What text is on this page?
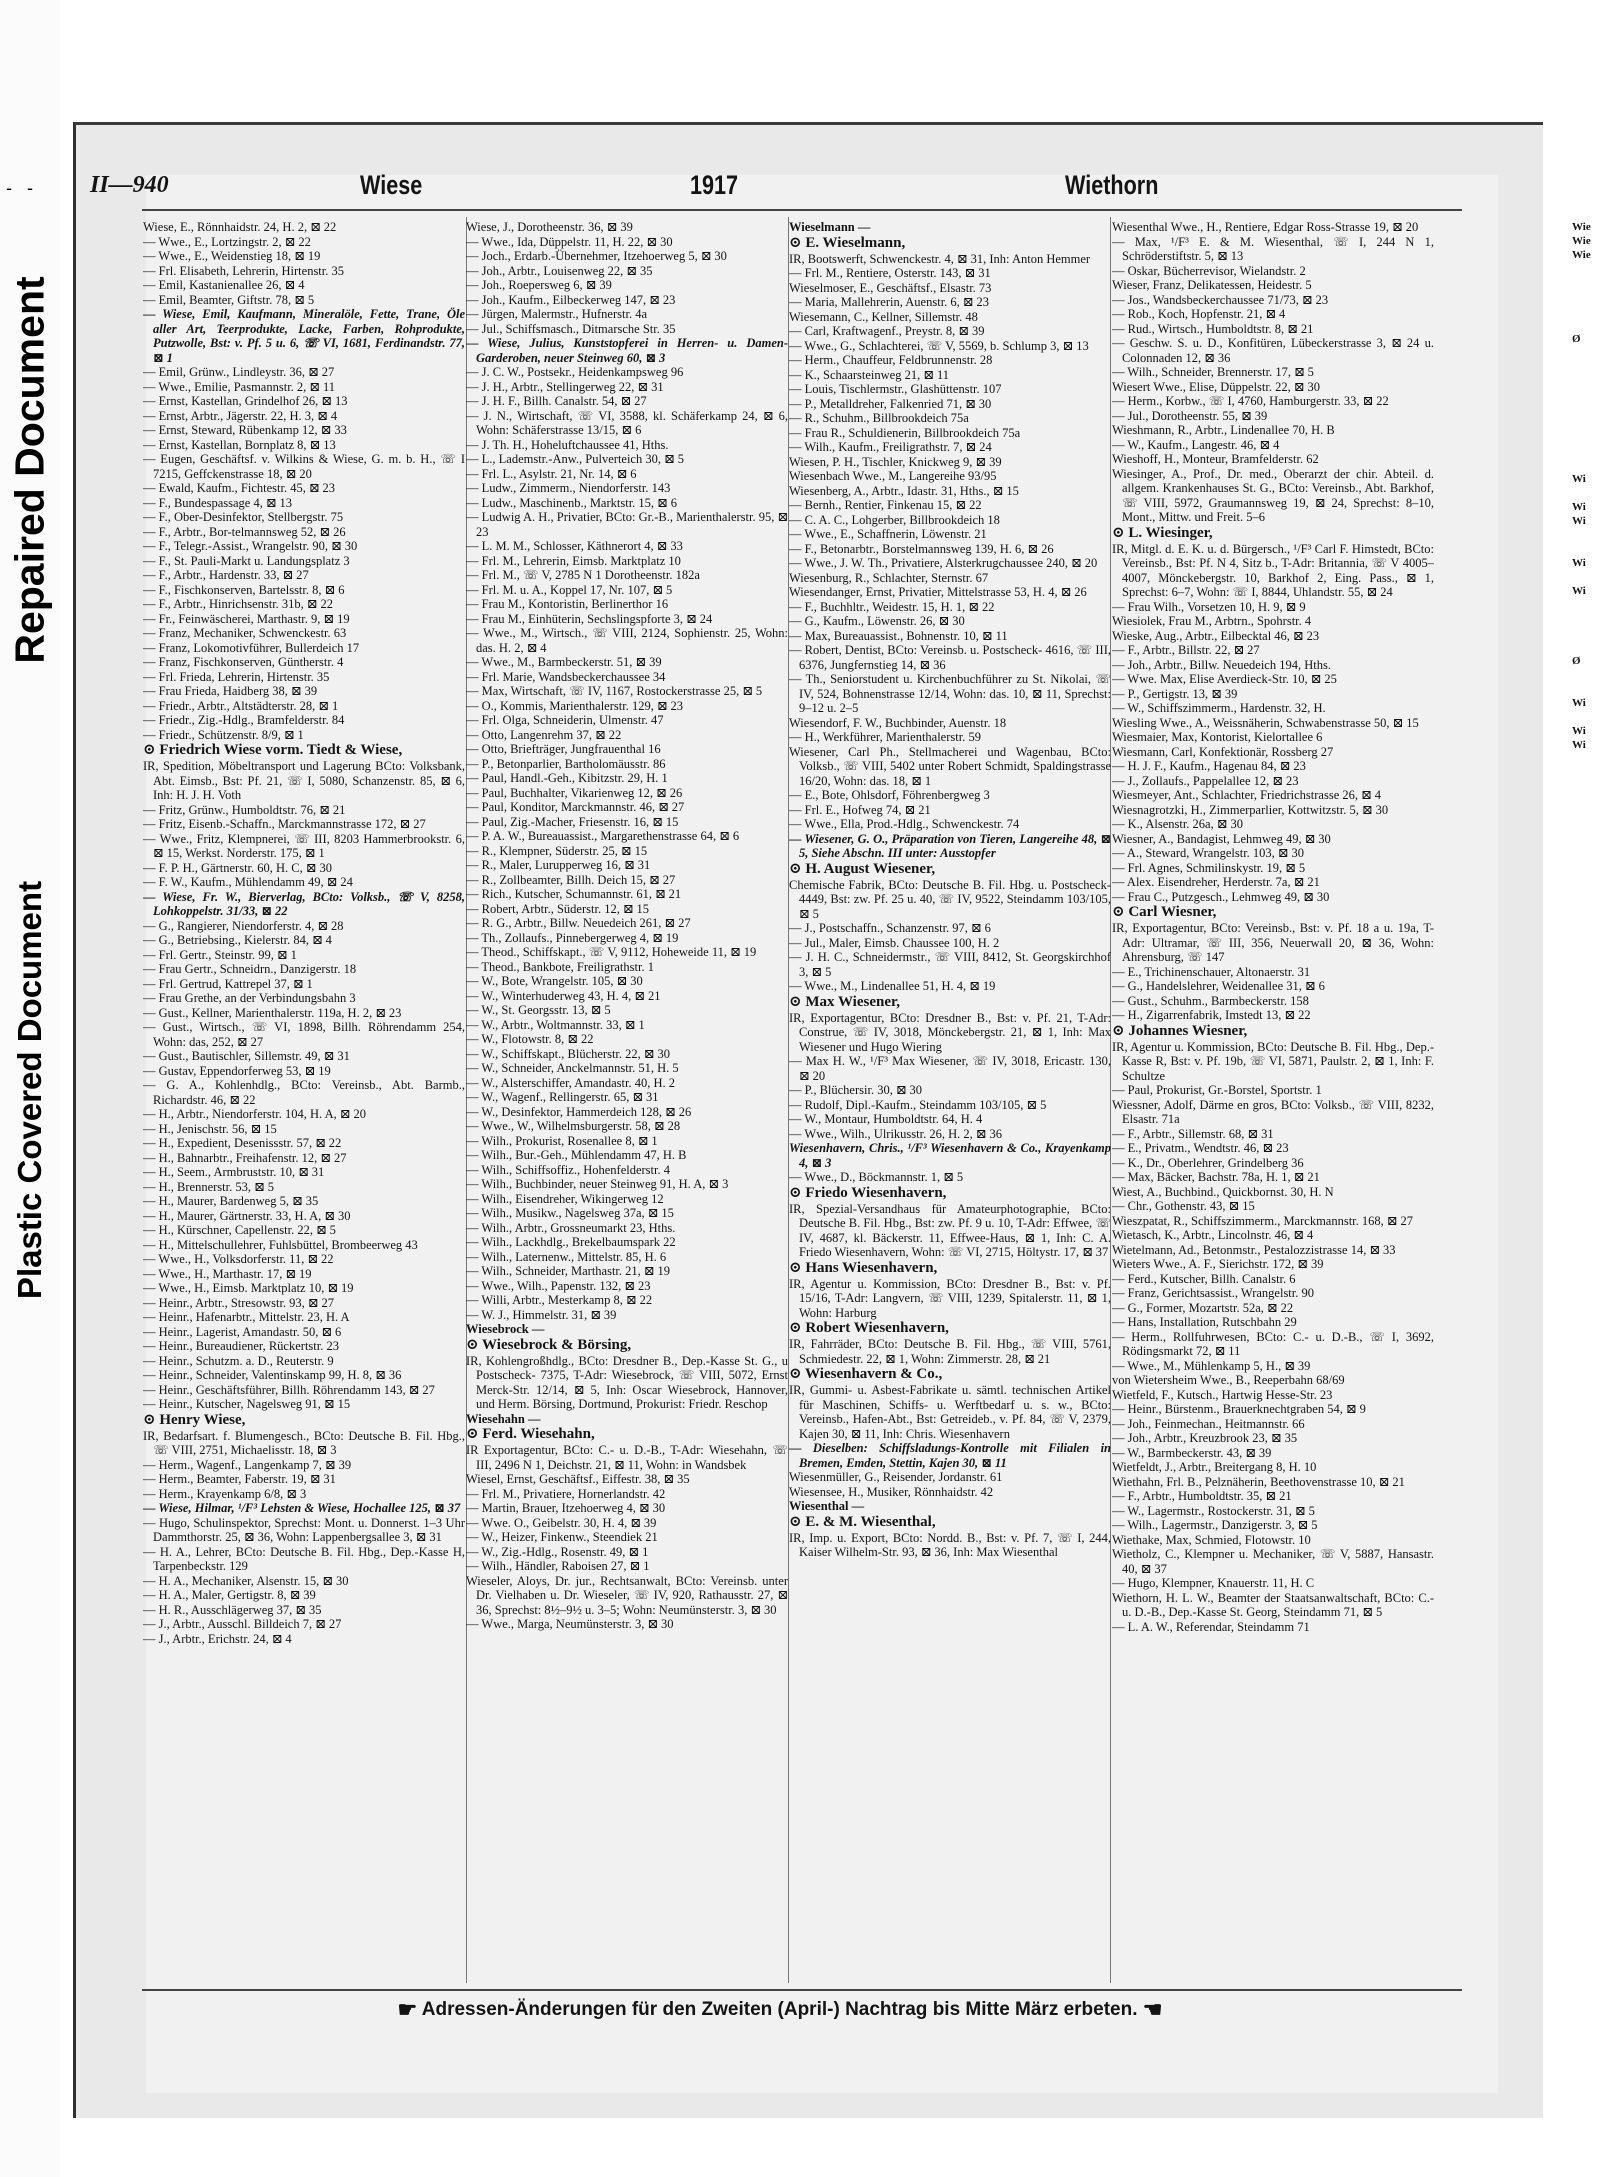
- -
Repaired Document
Plastic Covered Document
II—940	Wiese	1917	Wiethorn

Wiese, E., Rönnhaidstr. 24, H. 2, ⊠ 22

— Wwe., E., Lortzingstr. 2, ⊠ 22

— Wwe., E., Weidenstieg 18, ⊠ 19

— Frl. Elisabeth, Lehrerin, Hirtenstr. 35

— Emil, Kastanienallee 26, ⊠ 4

— Emil, Beamter, Giftstr. 78, ⊠ 5

— Wiese, Emil, Kaufmann, Mineralöle, Fette, Trane, Öle aller Art, Teerprodukte, Lacke, Farben, Rohprodukte, Putzwolle, Bst: v. Pf. 5 u. 6, ☏ VI, 1681, Ferdinandstr. 77, ⊠ 1

— Emil, Grünw., Lindleystr. 36, ⊠ 27

— Wwe., Emilie, Pasmannstr. 2, ⊠ 11

— Ernst, Kastellan, Grindelhof 26, ⊠ 13

— Ernst, Arbtr., Jägerstr. 22, H. 3, ⊠ 4

— Ernst, Steward, Rübenkamp 12, ⊠ 33

— Ernst, Kastellan, Bornplatz 8, ⊠ 13

— Eugen, Geschäftsf. v. Wilkins & Wiese, G. m. b. H., ☏ I 7215, Geffckenstrasse 18, ⊠ 20

— Ewald, Kaufm., Fichtestr. 45, ⊠ 23

— F., Bundespassage 4, ⊠ 13

— F., Ober-Desinfektor, Stellbergstr. 75

— F., Arbtr., Bor-telmannsweg 52, ⊠ 26

— F., Telegr.-Assist., Wrangelstr. 90, ⊠ 30

— F., St. Pauli-Markt u. Landungsplatz 3

— F., Arbtr., Hardenstr. 33, ⊠ 27

— F., Fischkonserven, Bartelsstr. 8, ⊠ 6

— F., Arbtr., Hinrichsenstr. 31b, ⊠ 22

— Fr., Feinwäscherei, Marthastr. 9, ⊠ 19

— Franz, Mechaniker, Schwenckestr. 63

— Franz, Lokomotivführer, Bullerdeich 17

— Franz, Fischkonserven, Güntherstr. 4

— Frl. Frieda, Lehrerin, Hirtenstr. 35

— Frau Frieda, Haidberg 38, ⊠ 39

— Friedr., Arbtr., Altstädterstr. 28, ⊠ 1

— Friedr., Zig.-Hdlg., Bramfelderstr. 84

— Friedr., Schützenstr. 8/9, ⊠ 1

⊙ Friedrich Wiese vorm. Tiedt & Wiese,

IR, Spedition, Möbeltransport und Lagerung BCto: Volksbank, Abt. Eimsb., Bst: Pf. 21, ☏ I, 5080, Schanzenstr. 85, ⊠ 6, Inh: H. J. H. Voth

— Fritz, Grünw., Humboldtstr. 76, ⊠ 21

— Fritz, Eisenb.-Schaffn., Marckmannstrasse 172, ⊠ 27

— Wwe., Fritz, Klempnerei, ☏ III, 8203 Hammerbrookstr. 6, ⊠ 15, Werkst. Norderstr. 175, ⊠ 1

— F. P. H., Gärtnerstr. 60, H. C, ⊠ 30

— F. W., Kaufm., Mühlendamm 49, ⊠ 24

— Wiese, Fr. W., Bierverlag, BCto: Volksb., ☏ V, 8258, Lohkoppelstr. 31/33, ⊠ 22

— G., Rangierer, Niendorferstr. 4, ⊠ 28

— G., Betriebsing., Kielerstr. 84, ⊠ 4

— Frl. Gertr., Steinstr. 99, ⊠ 1

— Frau Gertr., Schneidrn., Danzigerstr. 18

— Frl. Gertrud, Kattrepel 37, ⊠ 1

— Frau Grethe, an der Verbindungsbahn 3

— Gust., Kellner, Marienthalerstr. 119a, H. 2, ⊠ 23

— Gust., Wirtsch., ☏ VI, 1898, Billh. Röhrendamm 254, Wohn: das, 252, ⊠ 27

— Gust., Bautischler, Sillemstr. 49, ⊠ 31

— Gustav, Eppendorferweg 53, ⊠ 19

— G. A., Kohlenhdlg., BCto: Vereinsb., Abt. Barmb., Richardstr. 46, ⊠ 22

— H., Arbtr., Niendorferstr. 104, H. A, ⊠ 20

— H., Jenischstr. 56, ⊠ 15

— H., Expedient, Desenissstr. 57, ⊠ 22

— H., Bahnarbtr., Freihafenstr. 12, ⊠ 27

— H., Seem., Armbruststr. 10, ⊠ 31

— H., Brennerstr. 53, ⊠ 5

— H., Maurer, Bardenweg 5, ⊠ 35

— H., Maurer, Gärtnerstr. 33, H. A, ⊠ 30

— H., Kürschner, Capellenstr. 22, ⊠ 5

— H., Mittelschullehrer, Fuhlsbüttel, Brombeerweg 43

— Wwe., H., Volksdorferstr. 11, ⊠ 22

— Wwe., H., Marthastr. 17, ⊠ 19

— Wwe., H., Eimsb. Marktplatz 10, ⊠ 19

— Heinr., Arbtr., Stresowstr. 93, ⊠ 27

— Heinr., Hafenarbtr., Mittelstr. 23, H. A

— Heinr., Lagerist, Amandastr. 50, ⊠ 6

— Heinr., Bureaudiener, Rückertstr. 23

— Heinr., Schutzm. a. D., Reuterstr. 9

— Heinr., Schneider, Valentinskamp 99, H. 8, ⊠ 36

— Heinr., Geschäftsführer, Billh. Röhrendamm 143, ⊠ 27

— Heinr., Kutscher, Nagelsweg 91, ⊠ 15

⊙ Henry Wiese,

IR, Bedarfsart. f. Blumengesch., BCto: Deutsche B. Fil. Hbg., ☏ VIII, 2751, Michaelisstr. 18, ⊠ 3

— Herm., Wagenf., Langenkamp 7, ⊠ 39

— Herm., Beamter, Faberstr. 19, ⊠ 31

— Herm., Krayenkamp 6/8, ⊠ 3

— Wiese, Hilmar, ¹/F³ Lehsten & Wiese, Hochallee 125, ⊠ 37

— Hugo, Schulinspektor, Sprechst: Mont. u. Donnerst. 1–3 Uhr Dammthorstr. 25, ⊠ 36, Wohn: Lappenbergsallee 3, ⊠ 31

— H. A., Lehrer, BCto: Deutsche B. Fil. Hbg., Dep.-Kasse H, Tarpenbeckstr. 129

— H. A., Mechaniker, Alsenstr. 15, ⊠ 30

— H. A., Maler, Gertigstr. 8, ⊠ 39

— H. R., Ausschlägerweg 37, ⊠ 35

— J., Arbtr., Ausschl. Billdeich 7, ⊠ 27

— J., Arbtr., Erichstr. 24, ⊠ 4

Wiese, J., Dorotheenstr. 36, ⊠ 39

— Wwe., Ida, Düppelstr. 11, H. 22, ⊠ 30

— Joch., Erdarb.-Übernehmer, Itzehoerweg 5, ⊠ 30

— Joh., Arbtr., Louisenweg 22, ⊠ 35

— Joh., Roepersweg 6, ⊠ 39

— Joh., Kaufm., Eilbeckerweg 147, ⊠ 23

— Jürgen, Malermstr., Hufnerstr. 4a

— Jul., Schiffsmasch., Ditmarsche Str. 35

— Wiese, Julius, Kunststopferei in Herren- u. Damen-Garderoben, neuer Steinweg 60, ⊠ 3

— J. C. W., Postsekr., Heidenkampsweg 96

— J. H., Arbtr., Stellingerweg 22, ⊠ 31

— J. H. F., Billh. Canalstr. 54, ⊠ 27

— J. N., Wirtschaft, ☏ VI, 3588, kl. Schäferkamp 24, ⊠ 6, Wohn: Schäferstrasse 13/15, ⊠ 6

— J. Th. H., Hoheluftchaussee 41, Hths.

— L., Lademstr.-Anw., Pulverteich 30, ⊠ 5

— Frl. L., Asylstr. 21, Nr. 14, ⊠ 6

— Ludw., Zimmerm., Niendorferstr. 143

— Ludw., Maschinenb., Marktstr. 15, ⊠ 6

— Ludwig A. H., Privatier, BCto: Gr.-B., Marienthalerstr. 95, ⊠ 23

— L. M. M., Schlosser, Käthnerort 4, ⊠ 33

— Frl. M., Lehrerin, Eimsb. Marktplatz 10

— Frl. M., ☏ V, 2785 N 1 Dorotheenstr. 182a

— Frl. M. u. A., Koppel 17, Nr. 107, ⊠ 5

— Frau M., Kontoristin, Berlinerthor 16

— Frau M., Einhüterin, Sechslingspforte 3, ⊠ 24

— Wwe., M., Wirtsch., ☏ VIII, 2124, Sophienstr. 25, Wohn: das. H. 2, ⊠ 4

— Wwe., M., Barmbeckerstr. 51, ⊠ 39

— Frl. Marie, Wandsbeckerchaussee 34

— Max, Wirtschaft, ☏ IV, 1167, Rostockerstrasse 25, ⊠ 5

— O., Kommis, Marienthalerstr. 129, ⊠ 23

— Frl. Olga, Schneiderin, Ulmenstr. 47

— Otto, Langenrehm 37, ⊠ 22

— Otto, Briefträger, Jungfrauenthal 16

— P., Betonparlier, Bartholomäusstr. 86

— Paul, Handl.-Geh., Kibitzstr. 29, H. 1

— Paul, Buchhalter, Vikarienweg 12, ⊠ 26

— Paul, Konditor, Marckmannstr. 46, ⊠ 27

— Paul, Zig.-Macher, Friesenstr. 16, ⊠ 15

— P. A. W., Bureauassist., Margarethenstrasse 64, ⊠ 6

— R., Klempner, Süderstr. 25, ⊠ 15

— R., Maler, Lurupperweg 16, ⊠ 31

— R., Zollbeamter, Billh. Deich 15, ⊠ 27

— Rich., Kutscher, Schumannstr. 61, ⊠ 21

— Robert, Arbtr., Süderstr. 12, ⊠ 15

— R. G., Arbtr., Billw. Neuedeich 261, ⊠ 27

— Th., Zollaufs., Pinnebergerweg 4, ⊠ 19

— Theod., Schiffskapt., ☏ V, 9112, Hoheweide 11, ⊠ 19

— Theod., Bankbote, Freiligrathstr. 1

— W., Bote, Wrangelstr. 105, ⊠ 30

— W., Winterhuderweg 43, H. 4, ⊠ 21

— W., St. Georgsstr. 13, ⊠ 5

— W., Arbtr., Woltmannstr. 33, ⊠ 1

— W., Flotowstr. 8, ⊠ 22

— W., Schiffskapt., Blücherstr. 22, ⊠ 30

— W., Schneider, Anckelmannstr. 51, H. 5

— W., Alsterschiffer, Amandastr. 40, H. 2

— W., Wagenf., Rellingerstr. 65, ⊠ 31

— W., Desinfektor, Hammerdeich 128, ⊠ 26

— Wwe., W., Wilhelmsburgerstr. 58, ⊠ 28

— Wilh., Prokurist, Rosenallee 8, ⊠ 1

— Wilh., Bur.-Geh., Mühlendamm 47, H. B

— Wilh., Schiffsoffiz., Hohenfelderstr. 4

— Wilh., Buchbinder, neuer Steinweg 91, H. A, ⊠ 3

— Wilh., Eisendreher, Wikingerweg 12

— Wilh., Musikw., Nagelsweg 37a, ⊠ 15

— Wilh., Arbtr., Grossneumarkt 23, Hths.

— Wilh., Lackhdlg., Brekelbaumspark 22

— Wilh., Laternenw., Mittelstr. 85, H. 6

— Wilh., Schneider, Marthastr. 21, ⊠ 19

— Wwe., Wilh., Papenstr. 132, ⊠ 23

— Willi, Arbtr., Mesterkamp 8, ⊠ 22

— W. J., Himmelstr. 31, ⊠ 39

Wiesebrock —

⊙ Wiesebrock & Börsing,

IR, Kohlengroßhdlg., BCto: Dresdner B., Dep.-Kasse St. G., u Postscheck- 7375, T-Adr: Wiesebrock, ☏ VIII, 5072, Ernst Merck-Str. 12/14, ⊠ 5, Inh: Oscar Wiesebrock, Hannover, und Herm. Börsing, Dortmund, Prokurist: Friedr. Reschop

Wiesehahn —

⊙ Ferd. Wiesehahn,

IR Exportagentur, BCto: C.- u. D.-B., T-Adr: Wiesehahn, ☏ III, 2496 N 1, Deichstr. 21, ⊠ 11, Wohn: in Wandsbek

Wiesel, Ernst, Geschäftsf., Eiffestr. 38, ⊠ 35

— Frl. M., Privatiere, Hornerlandstr. 42

— Martin, Brauer, Itzehoerweg 4, ⊠ 30

— Wwe. O., Geibelstr. 30, H. 4, ⊠ 39

— W., Heizer, Finkenw., Steendiek 21

— W., Zig.-Hdlg., Rosenstr. 49, ⊠ 1

— Wilh., Händler, Raboisen 27, ⊠ 1

Wieseler, Aloys, Dr. jur., Rechtsanwalt, BCto: Vereinsb. unter Dr. Vielhaben u. Dr. Wieseler, ☏ IV, 920, Rathausstr. 27, ⊠ 36, Sprechst: 8½–9½ u. 3–5; Wohn: Neumünsterstr. 3, ⊠ 30

— Wwe., Marga, Neumünsterstr. 3, ⊠ 30

Wieselmann —

⊙ E. Wieselmann,

IR, Bootswerft, Schwenckestr. 4, ⊠ 31, Inh: Anton Hemmer

— Frl. M., Rentiere, Osterstr. 143, ⊠ 31

Wieselmoser, E., Geschäftsf., Elsastr. 73

— Maria, Mallehrerin, Auenstr. 6, ⊠ 23

Wiesemann, C., Kellner, Sillemstr. 48

— Carl, Kraftwagenf., Preystr. 8, ⊠ 39

— Wwe., G., Schlachterei, ☏ V, 5569, b. Schlump 3, ⊠ 13

— Herm., Chauffeur, Feldbrunnenstr. 28

— K., Schaarsteinweg 21, ⊠ 11

— Louis, Tischlermstr., Glashüttenstr. 107

— P., Metalldreher, Falkenried 71, ⊠ 30

— R., Schuhm., Billbrookdeich 75a

— Frau R., Schuldienerin, Billbrookdeich 75a

— Wilh., Kaufm., Freiligrathstr. 7, ⊠ 24

Wiesen, P. H., Tischler, Knickweg 9, ⊠ 39

Wiesenbach Wwe., M., Langereihe 93/95

Wiesenberg, A., Arbtr., Idastr. 31, Hths., ⊠ 15

— Bernh., Rentier, Finkenau 15, ⊠ 22

— C. A. C., Lohgerber, Billbrookdeich 18

— Wwe., E., Schaffnerin, Löwenstr. 21

— F., Betonarbtr., Borstelmannsweg 139, H. 6, ⊠ 26

— Wwe., J. W. Th., Privatiere, Alsterkrugchaussee 240, ⊠ 20

Wiesenburg, R., Schlachter, Sternstr. 67

Wiesendanger, Ernst, Privatier, Mittelstrasse 53, H. 4, ⊠ 26

— F., Buchhltr., Weidestr. 15, H. 1, ⊠ 22

— G., Kaufm., Löwenstr. 26, ⊠ 30

— Max, Bureauassist., Bohnenstr. 10, ⊠ 11

— Robert, Dentist, BCto: Vereinsb. u. Postscheck- 4616, ☏ III, 6376, Jungfernstieg 14, ⊠ 36

— Th., Seniorstudent u. Kirchenbuchführer zu St. Nikolai, ☏ IV, 524, Bohnenstrasse 12/14, Wohn: das. 10, ⊠ 11, Sprechst: 9–12 u. 2–5

Wiesendorf, F. W., Buchbinder, Auenstr. 18

— H., Werkführer, Marienthalerstr. 59

Wiesener, Carl Ph., Stellmacherei und Wagenbau, BCto: Volksb., ☏ VIII, 5402 unter Robert Schmidt, Spaldingstrasse 16/20, Wohn: das. 18, ⊠ 1

— E., Bote, Ohlsdorf, Föhrenbergweg 3

— Frl. E., Hofweg 74, ⊠ 21

— Wwe., Ella, Prod.-Hdlg., Schwenckestr. 74

— Wiesener, G. O., Präparation von Tieren, Langereihe 48, ⊠ 5, Siehe Abschn. III unter: Ausstopfer

⊙ H. August Wiesener,

Chemische Fabrik, BCto: Deutsche B. Fil. Hbg. u. Postscheck- 4449, Bst: zw. Pf. 25 u. 40, ☏ IV, 9522, Steindamm 103/105, ⊠ 5

— J., Postschaffn., Schanzenstr. 97, ⊠ 6

— Jul., Maler, Eimsb. Chaussee 100, H. 2

— J. H. C., Schneidermstr., ☏ VIII, 8412, St. Georgskirchhof 3, ⊠ 5

— Wwe., M., Lindenallee 51, H. 4, ⊠ 19

⊙ Max Wiesener,

IR, Exportagentur, BCto: Dresdner B., Bst: v. Pf. 21, T-Adr: Construe, ☏ IV, 3018, Mönckebergstr. 21, ⊠ 1, Inh: Max Wiesener und Hugo Wiering

— Max H. W., ¹/F³ Max Wiesener, ☏ IV, 3018, Ericastr. 130, ⊠ 20

— P., Blüchersir. 30, ⊠ 30

— Rudolf, Dipl.-Kaufm., Steindamm 103/105, ⊠ 5

— W., Montaur, Humboldtstr. 64, H. 4

— Wwe., Wilh., Ulrikusstr. 26, H. 2, ⊠ 36

Wiesenhavern, Chris., ¹/F³ Wiesenhavern & Co., Krayenkamp 4, ⊠ 3

— Wwe., D., Böckmannstr. 1, ⊠ 5

⊙ Friedo Wiesenhavern,

IR, Spezial-Versandhaus für Amateurphotographie, BCto: Deutsche B. Fil. Hbg., Bst: zw. Pf. 9 u. 10, T-Adr: Effwee, ☏ IV, 4687, kl. Bäckerstr. 11, Effwee-Haus, ⊠ 1, Inh: C. A. Friedo Wiesenhavern, Wohn: ☏ VI, 2715, Höltystr. 17, ⊠ 37

⊙ Hans Wiesenhavern,

IR, Agentur u. Kommission, BCto: Dresdner B., Bst: v. Pf. 15/16, T-Adr: Langvern, ☏ VIII, 1239, Spitalerstr. 11, ⊠ 1, Wohn: Harburg

⊙ Robert Wiesenhavern,

IR, Fahrräder, BCto: Deutsche B. Fil. Hbg., ☏ VIII, 5761, Schmiedestr. 22, ⊠ 1, Wohn: Zimmerstr. 28, ⊠ 21

⊙ Wiesenhavern & Co.,

IR, Gummi- u. Asbest-Fabrikate u. sämtl. technischen Artikel für Maschinen, Schiffs- u. Werftbedarf u. s. w., BCto: Vereinsb., Hafen-Abt., Bst: Getreideb., v. Pf. 84, ☏ V, 2379, Kajen 30, ⊠ 11, Inh: Chris. Wiesenhavern

— Dieselben: Schiffsladungs-Kontrolle mit Filialen in Bremen, Emden, Stettin, Kajen 30, ⊠ 11

Wiesenmüller, G., Reisender, Jordanstr. 61

Wiesensee, H., Musiker, Rönnhaidstr. 42

Wiesenthal —

⊙ E. & M. Wiesenthal,

IR, Imp. u. Export, BCto: Nordd. B., Bst: v. Pf. 7, ☏ I, 244, Kaiser Wilhelm-Str. 93, ⊠ 36, Inh: Max Wiesenthal

Wiesenthal Wwe., H., Rentiere, Edgar Ross-Strasse 19, ⊠ 20

— Max, ¹/F³ E. & M. Wiesenthal, ☏ I, 244 N 1, Schröderstiftstr. 5, ⊠ 13

— Oskar, Bücherrevisor, Wielandstr. 2

Wieser, Franz, Delikatessen, Heidestr. 5

— Jos., Wandsbeckerchaussee 71/73, ⊠ 23

— Rob., Koch, Hopfenstr. 21, ⊠ 4

— Rud., Wirtsch., Humboldtstr. 8, ⊠ 21

— Geschw. S. u. D., Konfitüren, Lübeckerstrasse 3, ⊠ 24 u. Colonnaden 12, ⊠ 36

— Wilh., Schneider, Brennerstr. 17, ⊠ 5

Wiesert Wwe., Elise, Düppelstr. 22, ⊠ 30

— Herm., Korbw., ☏ I, 4760, Hamburgerstr. 33, ⊠ 22

— Jul., Dorotheenstr. 55, ⊠ 39

Wieshmann, R., Arbtr., Lindenallee 70, H. B

— W., Kaufm., Langestr. 46, ⊠ 4

Wieshoff, H., Monteur, Bramfelderstr. 62

Wiesinger, A., Prof., Dr. med., Oberarzt der chir. Abteil. d. allgem. Krankenhauses St. G., BCto: Vereinsb., Abt. Barkhof, ☏ VIII, 5972, Graumannsweg 19, ⊠ 24, Sprechst: 8–10, Mont., Mittw. und Freit. 5–6

⊙ L. Wiesinger,

IR, Mitgl. d. E. K. u. d. Bürgersch., ¹/F³ Carl F. Himstedt, BCto: Vereinsb., Bst: Pf. N 4, Sitz b., T-Adr: Britannia, ☏ V 4005–4007, Mönckebergstr. 10, Barkhof 2, Eing. Pass., ⊠ 1, Sprechst: 6–7, Wohn: ☏ I, 8844, Uhlandstr. 55, ⊠ 24

— Frau Wilh., Vorsetzen 10, H. 9, ⊠ 9

Wiesiolek, Frau M., Arbtrn., Spohrstr. 4

Wieske, Aug., Arbtr., Eilbecktal 46, ⊠ 23

— F., Arbtr., Billstr. 22, ⊠ 27

— Joh., Arbtr., Billw. Neuedeich 194, Hths.

— Wwe. Max, Elise Averdieck-Str. 10, ⊠ 25

— P., Gertigstr. 13, ⊠ 39

— W., Schiffszimmerm., Hardenstr. 32, H.

Wiesling Wwe., A., Weissnäherin, Schwabenstrasse 50, ⊠ 15

Wiesmaier, Max, Kontorist, Kielortallee 6

Wiesmann, Carl, Konfektionär, Rossberg 27

— H. J. F., Kaufm., Hagenau 84, ⊠ 23

— J., Zollaufs., Pappelallee 12, ⊠ 23

Wiesmeyer, Ant., Schlachter, Friedrichstrasse 26, ⊠ 4

Wiesnagrotzki, H., Zimmerparlier, Kottwitzstr. 5, ⊠ 30

— K., Alsenstr. 26a, ⊠ 30

Wiesner, A., Bandagist, Lehmweg 49, ⊠ 30

— A., Steward, Wrangelstr. 103, ⊠ 30

— Frl. Agnes, Schmilinskystr. 19, ⊠ 5

— Alex. Eisendreher, Herderstr. 7a, ⊠ 21

— Frau C., Putzgesch., Lehmweg 49, ⊠ 30

⊙ Carl Wiesner,

IR, Exportagentur, BCto: Vereinsb., Bst: v. Pf. 18 a u. 19a, T-Adr: Ultramar, ☏ III, 356, Neuerwall 20, ⊠ 36, Wohn: Ahrensburg, ☏ 147

— E., Trichinenschauer, Altonaerstr. 31

— G., Handelslehrer, Weidenallee 31, ⊠ 6

— Gust., Schuhm., Barmbeckerstr. 158

— H., Zigarrenfabrik, Imstedt 13, ⊠ 22

⊙ Johannes Wiesner,

IR, Agentur u. Kommission, BCto: Deutsche B. Fil. Hbg., Dep.-Kasse R, Bst: v. Pf. 19b, ☏ VI, 5871, Paulstr. 2, ⊠ 1, Inh: F. Schultze

— Paul, Prokurist, Gr.-Borstel, Sportstr. 1

Wiessner, Adolf, Därme en gros, BCto: Volksb., ☏ VIII, 8232, Elsastr. 71a

— F., Arbtr., Sillemstr. 68, ⊠ 31

— E., Privatm., Wendtstr. 46, ⊠ 23

— K., Dr., Oberlehrer, Grindelberg 36

— Max, Bäcker, Bachstr. 78a, H. 1, ⊠ 21

Wiest, A., Buchbind., Quickbornst. 30, H. N

— Chr., Gothenstr. 43, ⊠ 15

Wieszpatat, R., Schiffszimmerm., Marckmannstr. 168, ⊠ 27

Wietasch, K., Arbtr., Lincolnstr. 46, ⊠ 4

Wietelmann, Ad., Betonmstr., Pestalozzistrasse 14, ⊠ 33

Wieters Wwe., A. F., Sierichstr. 172, ⊠ 39

— Ferd., Kutscher, Billh. Canalstr. 6

— Franz, Gerichtsassist., Wrangelstr. 90

— G., Former, Mozartstr. 52a, ⊠ 22

— Hans, Installation, Rutschbahn 29

— Herm., Rollfuhrwesen, BCto: C.- u. D.-B., ☏ I, 3692, Rödingsmarkt 72, ⊠ 11

— Wwe., M., Mühlenkamp 5, H., ⊠ 39

von Wietersheim Wwe., B., Reeperbahn 68/69

Wietfeld, F., Kutsch., Hartwig Hesse-Str. 23

— Heinr., Bürstenm., Brauerknechtgraben 54, ⊠ 9

— Joh., Feinmechan., Heitmannstr. 66

— Joh., Arbtr., Kreuzbrook 23, ⊠ 35

— W., Barmbeckerstr. 43, ⊠ 39

Wietfeldt, J., Arbtr., Breitergang 8, H. 10

Wiethahn, Frl. B., Pelznäherin, Beethovenstrasse 10, ⊠ 21

— F., Arbtr., Humboldtstr. 35, ⊠ 21

— W., Lagermstr., Rostockerstr. 31, ⊠ 5

— Wilh., Lagermstr., Danzigerstr. 3, ⊠ 5

Wiethake, Max, Schmied, Flotowstr. 10

Wietholz, C., Klempner u. Mechaniker, ☏ V, 5887, Hansastr. 40, ⊠ 37

— Hugo, Klempner, Knauerstr. 11, H. C

Wiethorn, H. L. W., Beamter der Staatsanwaltschaft, BCto: C.- u. D.-B., Dep.-Kasse St. Georg, Steindamm 71, ⊠ 5

— L. A. W., Referendar, Steindamm 71

Wie
Wie
Wie

Ø

Wi

Wi
Wi

Wi

Wi

Ø

Wi

Wi
Wi
☛ Adressen-Änderungen für den Zweiten (April-) Nachtrag bis Mitte März erbeten. ☚
